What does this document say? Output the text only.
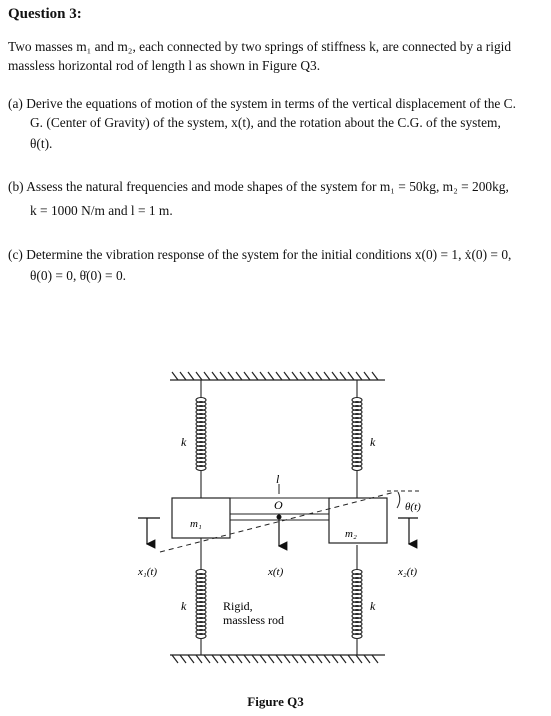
Question 3:
Two masses m₁ and m₂, each connected by two springs of stiffness k, are connected by a rigid
massless horizontal rod of length l as shown in Figure Q3.
(a) Derive the equations of motion of the system in terms of the vertical displacement of the C.
G. (Center of Gravity) of the system, x(t), and the rotation about the C.G. of the system,
θ(t).
(b) Assess the natural frequencies and mode shapes of the system for m₁ = 50kg, m₂ = 200kg,
k = 1000 N/m and l = 1 m.
(c) Determine the vibration response of the system for the initial conditions x(0) = 1, ẋ(0) = 0,
θ(0) = 0, θ̇(0) = 0.
k	k
k	k
l
O
m₁
m₂
θ(t)
x₁(t)	x(t)	x₂(t)
Rigid,
massless rod
Figure Q3
